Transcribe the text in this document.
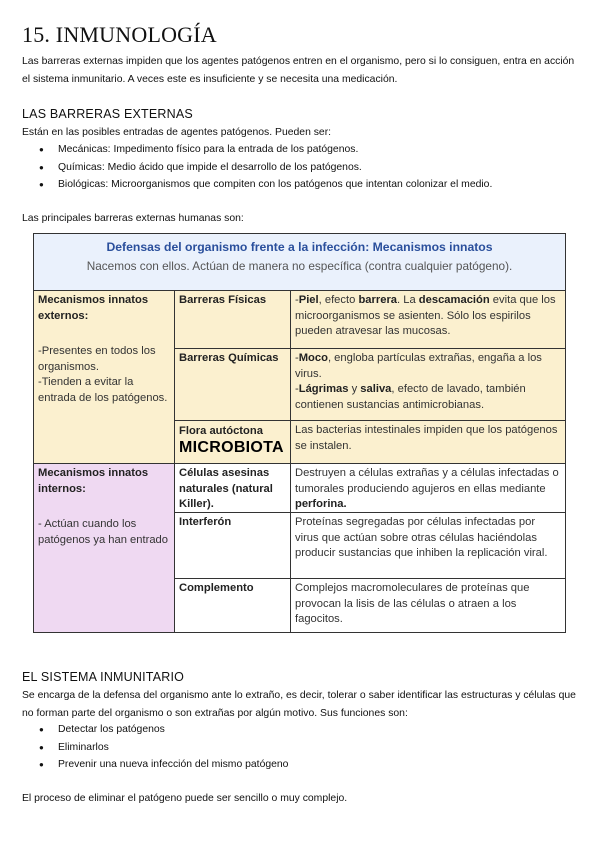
15. INMUNOLOGÍA
Las barreras externas impiden que los agentes patógenos entren en el organismo, pero si lo consiguen, entra en acción el sistema inmunitario. A veces este es insuficiente y se necesita una medicación.
LAS BARRERAS EXTERNAS
Están en las posibles entradas de agentes patógenos. Pueden ser:
● Mecánicas: Impedimento físico para la entrada de los patógenos.
● Químicas: Medio ácido que impide el desarrollo de los patógenos.
● Biológicas: Microorganismos que compiten con los patógenos que intentan colonizar el medio.
Las principales barreras externas humanas son:
Defensas del organismo frente a la infección: Mecanismos innatos
Nacemos con ellos. Actúan de manera no específica (contra cualquier patógeno).
Mecanismos innatos externos:
-Presentes en todos los organismos.
-Tienden a evitar la entrada de los patógenos.
Mecanismos innatos internos:
- Actúan cuando los patógenos ya han entrado
Barreras Físicas
Barreras Químicas
Flora autóctona
MICROBIOTA
Células asesinas naturales (natural Killer).
Interferón
Complemento
-Piel, efecto barrera. La descamación evita que los microorganismos se asienten. Sólo los espirilos pueden atravesar las mucosas.
-Moco, engloba partículas extrañas, engaña a los virus.
-Lágrimas y saliva, efecto de lavado, también contienen sustancias antimicrobianas.
Las bacterias intestinales impiden que los patógenos se instalen.
Destruyen a células extrañas y a células infectadas o tumorales produciendo agujeros en ellas mediante perforina.
Proteínas segregadas por células infectadas por virus que actúan sobre otras células haciéndolas producir sustancias que inhiben la replicación viral.
Complejos macromoleculares de proteínas que provocan la lisis de las células o atraen a los fagocitos.
EL SISTEMA INMUNITARIO
Se encarga de la defensa del organismo ante lo extraño, es decir, tolerar o saber identificar las estructuras y células que no forman parte del organismo o son extrañas por algún motivo. Sus funciones son:
● Detectar los patógenos
● Eliminarlos
● Prevenir una nueva infección del mismo patógeno
El proceso de eliminar el patógeno puede ser sencillo o muy complejo.
